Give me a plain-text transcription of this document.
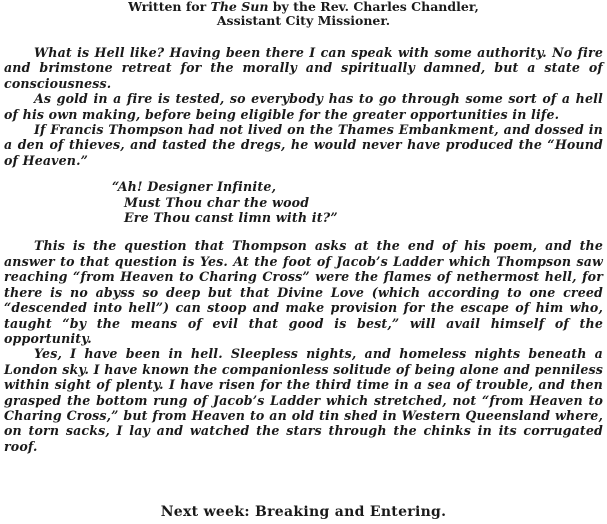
Written for The Sun by the Rev. Charles Chandler,
Assistant City Missioner.

What is Hell like? Having been there I can speak with some authority. No fire and brimstone retreat for the morally and spiritually damned, but a state of consciousness.

As gold in a fire is tested, so everybody has to go through some sort of a hell of his own making, before being eligible for the greater opportunities in life.

If Francis Thompson had not lived on the Thames Embankment, and dossed in a den of thieves, and tasted the dregs, he would never have produced the “Hound of Heaven.”

“Ah! Designer Infinite,
Must Thou char the wood
Ere Thou canst limn with it?”

This is the question that Thompson asks at the end of his poem, and the answer to that question is Yes. At the foot of Jacob’s Ladder which Thompson saw reaching “from Heaven to Charing Cross” were the flames of nethermost hell, for there is no abyss so deep but that Divine Love (which according to one creed “descended into hell”) can stoop and make provision for the escape of him who, taught “by the means of evil that good is best,” will avail himself of the opportunity.

Yes, I have been in hell. Sleepless nights, and homeless nights beneath a London sky. I have known the companionless solitude of being alone and penniless within sight of plenty. I have risen for the third time in a sea of trouble, and then grasped the bottom rung of Jacob’s Ladder which stretched, not “from Heaven to Charing Cross,” but from Heaven to an old tin shed in Western Queensland where, on torn sacks, I lay and watched the stars through the chinks in its corrugated roof.

Next week: Breaking and Entering.
